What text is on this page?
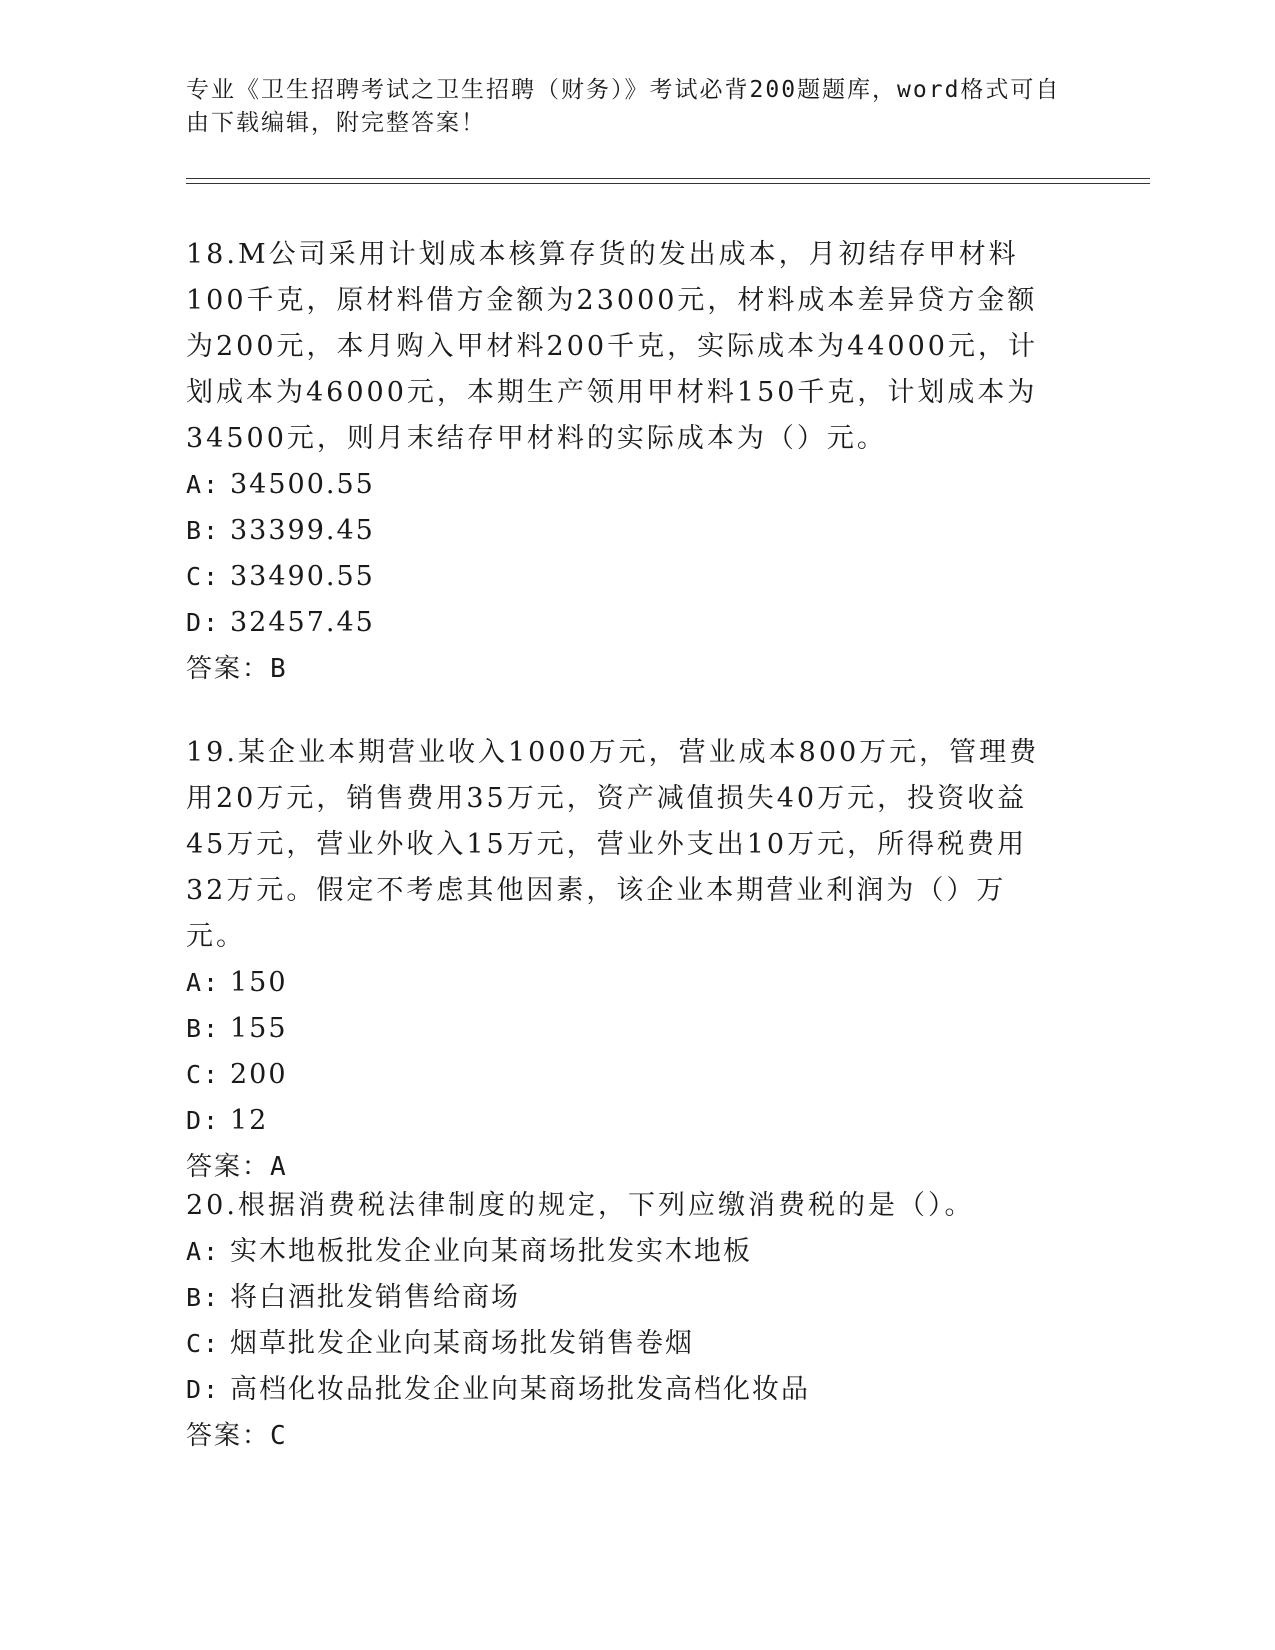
专业《卫生招聘考试之卫生招聘（财务）》考试必背200题题库，word格式可自
由下载编辑，附完整答案！

18.M公司采用计划成本核算存货的发出成本，月初结存甲材料100千克，原材料借方金额为23000元，材料成本差异贷方金额为200元，本月购入甲材料200千克，实际成本为44000元，计划成本为46000元，本期生产领用甲材料150千克，计划成本为34500元，则月末结存甲材料的实际成本为（）元。

A: 34500.55

B: 33399.45

C: 33490.55

D: 32457.45

答案：B

19.某企业本期营业收入1000万元，营业成本800万元，管理费用20万元，销售费用35万元，资产减值损失40万元，投资收益45万元，营业外收入15万元，营业外支出10万元，所得税费用32万元。假定不考虑其他因素，该企业本期营业利润为（）万元。

A: 150

B: 155

C: 200

D: 12

答案：A

20.根据消费税法律制度的规定，下列应缴消费税的是（）。

A: 实木地板批发企业向某商场批发实木地板

B: 将白酒批发销售给商场

C: 烟草批发企业向某商场批发销售卷烟

D: 高档化妆品批发企业向某商场批发高档化妆品

答案：C
